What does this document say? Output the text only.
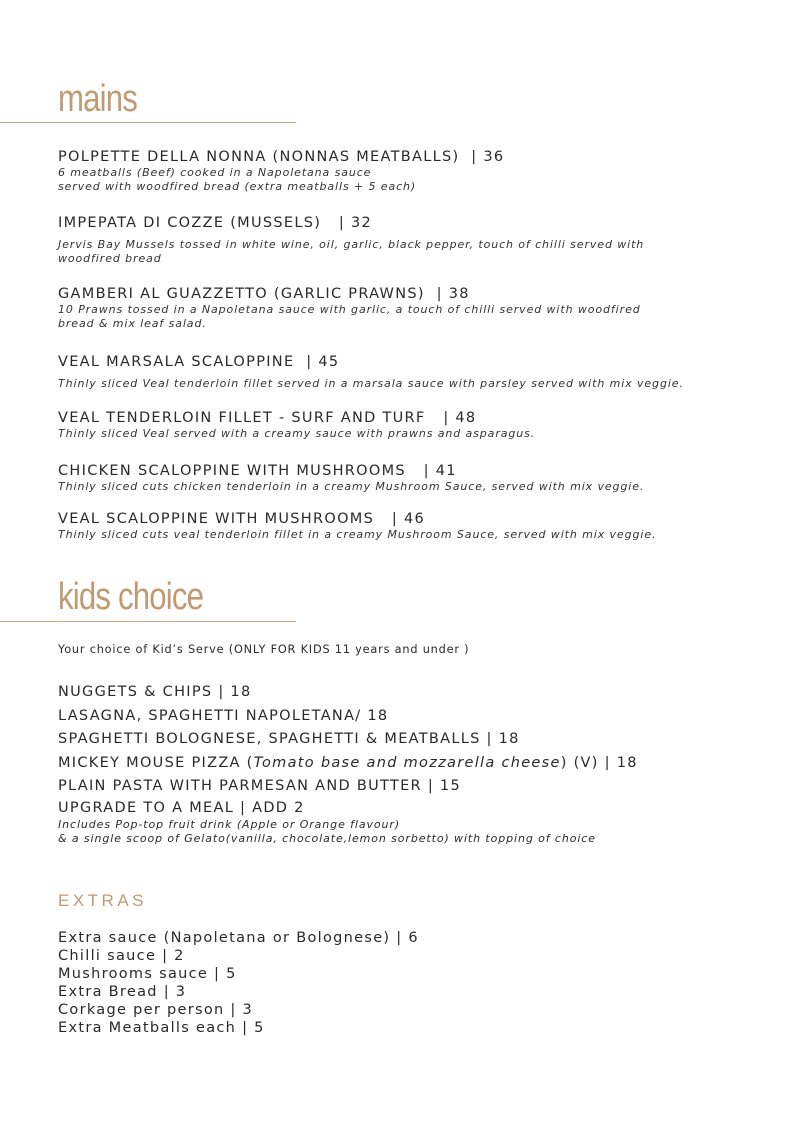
mains
POLPETTE DELLA NONNA (NONNAS MEATBALLS) | 36
6 meatballs (Beef) cooked in a Napoletana sauce
served with woodfired bread (extra meatballs + 5 each)
IMPEPATA DI COZZE (MUSSELS) | 32
Jervis Bay Mussels tossed in white wine, oil, garlic, black pepper, touch of chilli served with
woodfired bread
GAMBERI AL GUAZZETTO (GARLIC PRAWNS) | 38
10 Prawns tossed in a Napoletana sauce with garlic, a touch of chilli served with woodfired
bread & mix leaf salad.
VEAL MARSALA SCALOPPINE | 45
Thinly sliced Veal tenderloin fillet served in a marsala sauce with parsley served with mix veggie.
VEAL TENDERLOIN FILLET - SURF AND TURF | 48
Thinly sliced Veal served with a creamy sauce with prawns and asparagus.
CHICKEN SCALOPPINE WITH MUSHROOMS | 41
Thinly sliced cuts chicken tenderloin in a creamy Mushroom Sauce, served with mix veggie.
VEAL SCALOPPINE WITH MUSHROOMS | 46
Thinly sliced cuts veal tenderloin fillet in a creamy Mushroom Sauce, served with mix veggie.
kids choice
Your choice of Kid’s Serve (ONLY FOR KIDS 11 years and under )
NUGGETS & CHIPS | 18
LASAGNA, SPAGHETTI NAPOLETANA/ 18
SPAGHETTI BOLOGNESE, SPAGHETTI & MEATBALLS | 18
MICKEY MOUSE PIZZA (Tomato base and mozzarella cheese) (V) | 18
PLAIN PASTA WITH PARMESAN AND BUTTER | 15
UPGRADE TO A MEAL | ADD 2
Includes Pop-top fruit drink (Apple or Orange flavour)
& a single scoop of Gelato(vanilla, chocolate,lemon sorbetto) with topping of choice
EXTRAS
Extra sauce (Napoletana or Bolognese) | 6
Chilli sauce | 2
Mushrooms sauce | 5
Extra Bread | 3
Corkage per person | 3
Extra Meatballs each | 5
